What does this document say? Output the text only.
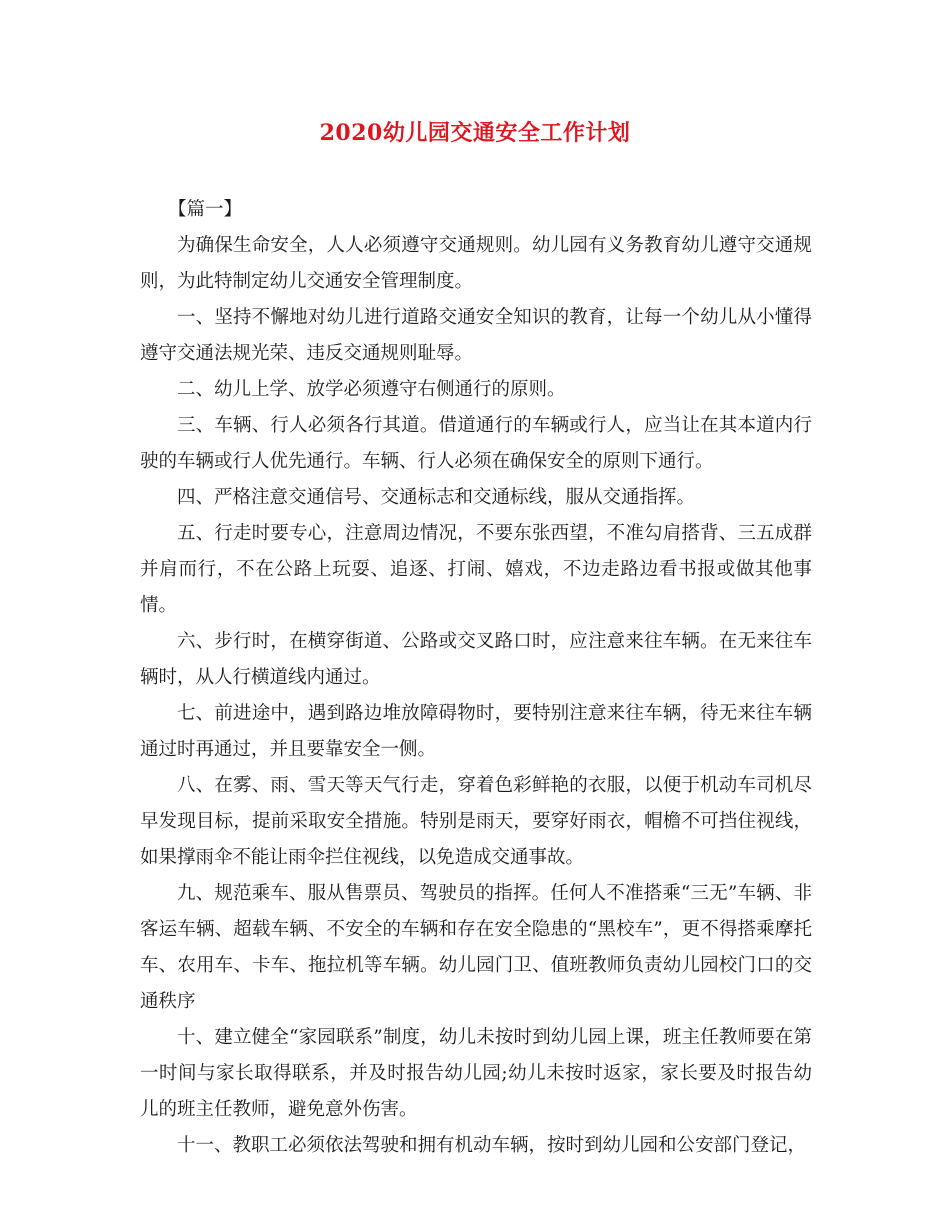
2020幼儿园交通安全工作计划

【篇一】

为确保生命安全，人人必须遵守交通规则。幼儿园有义务教育幼儿遵守交通规则，为此特制定幼儿交通安全管理制度。

一、坚持不懈地对幼儿进行道路交通安全知识的教育，让每一个幼儿从小懂得遵守交通法规光荣、违反交通规则耻辱。

二、幼儿上学、放学必须遵守右侧通行的原则。

三、车辆、行人必须各行其道。借道通行的车辆或行人，应当让在其本道内行驶的车辆或行人优先通行。车辆、行人必须在确保安全的原则下通行。

四、严格注意交通信号、交通标志和交通标线，服从交通指挥。

五、行走时要专心，注意周边情况，不要东张西望，不准勾肩搭背、三五成群并肩而行，不在公路上玩耍、追逐、打闹、嬉戏，不边走路边看书报或做其他事情。

六、步行时，在横穿街道、公路或交叉路口时，应注意来往车辆。在无来往车辆时，从人行横道线内通过。

七、前进途中，遇到路边堆放障碍物时，要特别注意来往车辆，待无来往车辆通过时再通过，并且要靠安全一侧。

八、在雾、雨、雪天等天气行走，穿着色彩鲜艳的衣服，以便于机动车司机尽早发现目标，提前采取安全措施。特别是雨天，要穿好雨衣，帽檐不可挡住视线，如果撑雨伞不能让雨伞拦住视线，以免造成交通事故。

九、规范乘车、服从售票员、驾驶员的指挥。任何人不准搭乘“三无”车辆、非客运车辆、超载车辆、不安全的车辆和存在安全隐患的“黑校车”，更不得搭乘摩托车、农用车、卡车、拖拉机等车辆。幼儿园门卫、值班教师负责幼儿园校门口的交通秩序

十、建立健全“家园联系”制度，幼儿未按时到幼儿园上课，班主任教师要在第一时间与家长取得联系，并及时报告幼儿园;幼儿未按时返家，家长要及时报告幼儿的班主任教师，避免意外伤害。

十一、教职工必须依法驾驶和拥有机动车辆，按时到幼儿园和公安部门登记，
